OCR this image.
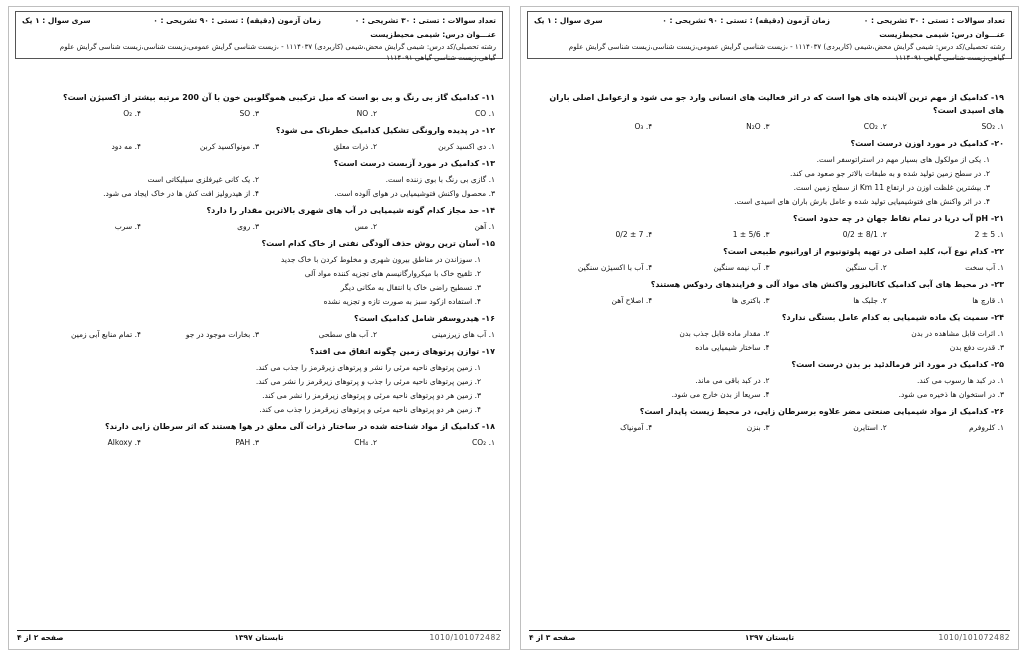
تعداد سوالات : تستی : ۳۰ تشریحی : ۰
زمان آزمون (دقیقه) : تستی : ۹۰ تشریحی : ۰
سری سوال : ۱ یک
عنـــوان درس: شیمی محیط‌زیست
رشته تحصیلی/کد درس: شیمی گرایش محض،شیمی (کاربردی) ۱۱۱۴۰۳۷ - ،زیست شناسی گرایش عمومی،زیست شناسی،زیست شناسی گرایش علوم گیاهی،زیست شناسی گیاهی ۱۱۱۴۰۹۱
۱۱- کدامیک گاز بی رنگ و بی بو است که میل ترکیبی هموگلوبین خون با آن 200 مرتبه بیشتر از اکسیژن است؟
۱. CO
۲. NO
۳. SO
۴. O₂
۱۲- در پدیده وارونگی تشکیل کدامیک خطرناک می شود؟
۱. دی اکسید کربن
۲. ذرات معلق
۳. مونواکسید کربن
۴. مه دود
۱۳- کدامیک در مورد آزبست درست است؟
۱. گازی بی رنگ با بوی زننده است.
۲. یک کانی غیرفلزی سیلیکاتی است
۳. محصول واکنش فتوشیمیایی در هوای آلوده است.
۴. از هیدرولیز افت کش ها در خاک ایجاد می شود.
۱۴- حد مجاز کدام گونه شیمیایی در آب های شهری بالاترین مقدار را دارد؟
۱. آهن
۲. مس
۳. روی
۴. سرب
۱۵- آسان ترین روش حذف آلودگی نفتی از خاک کدام است؟
۱. سوزاندن در مناطق بیرون شهری و مخلوط کردن با خاک جدید
۲. تلقیح خاک با میکروارگانیسم های تجزیه کننده مواد آلی
۳. تسطیح راضی خاک با انتقال به مکانی دیگر
۴. استفاده ازکود سبز به صورت تازه و تجزیه نشده
۱۶- هیدروسفر شامل کدامیک است؟
۱. آب های زیرزمینی
۲. آب های سطحی
۳. بخارات موجود در جو
۴. تمام منابع آبی زمین
۱۷- توازن پرتوهای زمین چگونه اتفاق می افتد؟
۱. زمین پرتوهای ناحیه مرئی را نشر و پرتوهای زیرقرمز را جذب می کند.
۲. زمین پرتوهای ناحیه مرئی را جذب و پرتوهای زیرقرمز را نشر می کند.
۳. زمین هر دو پرتوهای ناحیه مرئی و پرتوهای زیرقرمز را نشر می کند.
۴. زمین هر دو پرتوهای ناحیه مرئی و پرتوهای زیرقرمز را جذب می کند.
۱۸- کدامیک از مواد شناخته شده در ساختار ذرات آلی معلق در هوا هستند که اثر سرطان زایی دارند؟
۱. CO₂
۲. CH₄
۳. PAH
۴. Alkoxy
تابستان ۱۳۹۷
صفحه ۲ از ۴	1010/101072482
تعداد سوالات : تستی : ۳۰ تشریحی : ۰
زمان آزمون (دقیقه) : تستی : ۹۰ تشریحی : ۰
سری سوال : ۱ یک
عنـــوان درس: شیمی محیط‌زیست
رشته تحصیلی/کد درس: شیمی گرایش محض،شیمی (کاربردی) ۱۱۱۴۰۳۷ - ،زیست شناسی گرایش عمومی،زیست شناسی،زیست شناسی گرایش علوم گیاهی،زیست شناسی گیاهی ۱۱۱۴۰۹۱
۱۹- کدامیک از مهم ترین آلاینده های هوا است که در اثر فعالیت های انسانی وارد جو می شود و ازعوامل اصلی باران های اسیدی است؟
۱. SO₂
۲. CO₂
۳. N₂O
۴. O₃
۲۰- کدامیک در مورد اوزن درست است؟
۱. یکی از مولکول های بسیار مهم در استراتوسفر است.
۲. در سطح زمین تولید شده و به طبقات بالاتر جو صعود می کند.
۳. بیشترین غلظت اوزن در ارتفاع Km 11 از سطح زمین است.
۴. در اثر واکنش های فتوشیمیایی تولید شده و عامل بارش باران های اسیدی است.
۲۱- pH آب دریا در تمام نقاط جهان در چه حدود است؟
۱. 5 ± 2
۲. 8/1 ± 0/2
۳. 5/6 ± 1
۴. 7 ± 0/2
۲۲- کدام نوع آب، کلید اصلی در تهیه پلوتونیوم از اورانیوم طبیعی است؟
۱. آب سخت
۲. آب سنگین
۳. آب نیمه سنگین
۴. آب با اکسیژن سنگین
۲۳- در محیط های آبی کدامیک کاتالیزور واکنش های مواد آلی و فرایندهای ردوکس هستند؟
۱. قارچ ها
۲. جلبک ها
۳. باکتری ها
۴. اصلاح آهن
۲۴- سمیت یک ماده شیمیایی به کدام عامل بستگی ندارد؟
۱. اثرات قابل مشاهده در بدن
۲. مقدار ماده قابل جذب بدن
۳. قدرت دفع بدن
۴. ساختار شیمیایی ماده
۲۵- کدامیک در مورد اثر فرمالدئید بر بدن درست است؟
۱. در کبد ها رسوب می کند.
۲. در کبد باقی می ماند.
۳. در استخوان ها ذخیره می شود.
۴. سریعا از بدن خارج می شود.
۲۶- کدامیک از مواد شیمیایی صنعتی مضر علاوه برسرطان زایی، در محیط زیست پایدار است؟
۱. کلروفرم
۲. استایرن
۳. بنزن
۴. آمونیاک
تابستان ۱۳۹۷
صفحه ۳ از ۴	1010/101072482
